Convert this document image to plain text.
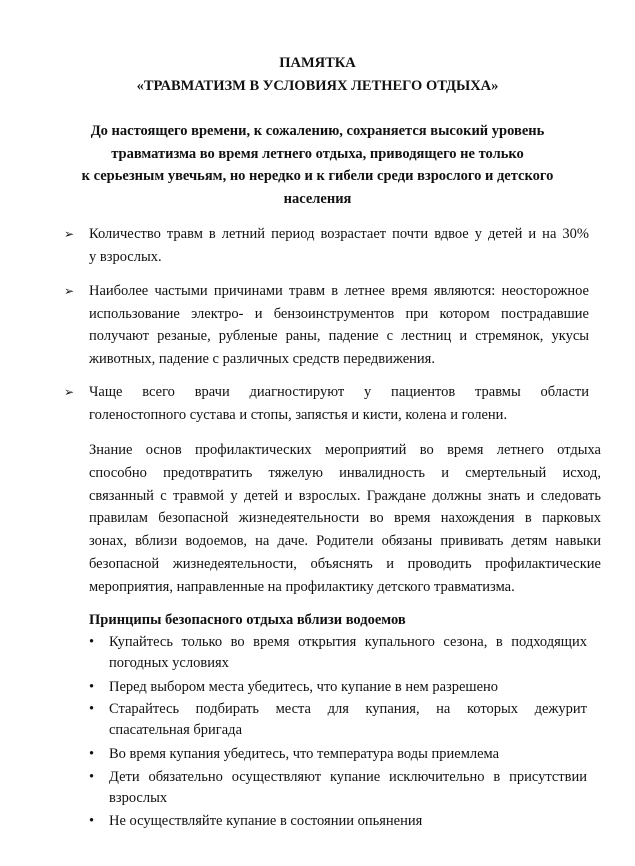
ПАМЯТКА
«ТРАВМАТИЗМ В УСЛОВИЯХ ЛЕТНЕГО ОТДЫХА»
До настоящего времени, к сожалению, сохраняется высокий уровень
травматизма во время летнего отдыха, приводящего не только
к серьезным увечьям, но нередко и к гибели среди взрослого и детского
населения
➢	Количество травм в летний период возрастает почти вдвое у детей и на 30%
у взрослых.
➢	Наиболее частыми причинами травм в летнее время являются: неосторожное
использование электро- и бензоинструментов при котором пострадавшие
получают резаные, рубленые раны, падение с лестниц и стремянок, укусы
животных, падение с различных средств передвижения.
➢	Чаще всего врачи диагностируют у пациентов травмы области
голеностопного сустава и стопы, запястья и кисти, колена и голени.
Знание основ профилактических мероприятий во время летнего отдыха
способно предотвратить тяжелую инвалидность и смертельный исход,
связанный с травмой у детей и взрослых. Граждане должны знать и следовать
правилам безопасной жизнедеятельности во время нахождения в парковых
зонах, вблизи водоемов, на даче. Родители обязаны прививать детям навыки
безопасной жизнедеятельности, объяснять и проводить профилактические
мероприятия, направленные на профилактику детского травматизма.
Принципы безопасного отдыха вблизи водоемов
•	Купайтесь только во время открытия купального сезона, в подходящих
погодных условиях
•	Перед выбором места убедитесь, что купание в нем разрешено
•	Старайтесь подбирать места для купания, на которых дежурит
спасательная бригада
•	Во время купания убедитесь, что температура воды приемлема
•	Дети обязательно осуществляют купание исключительно в присутствии
взрослых
•	Не осуществляйте купание в состоянии опьянения
